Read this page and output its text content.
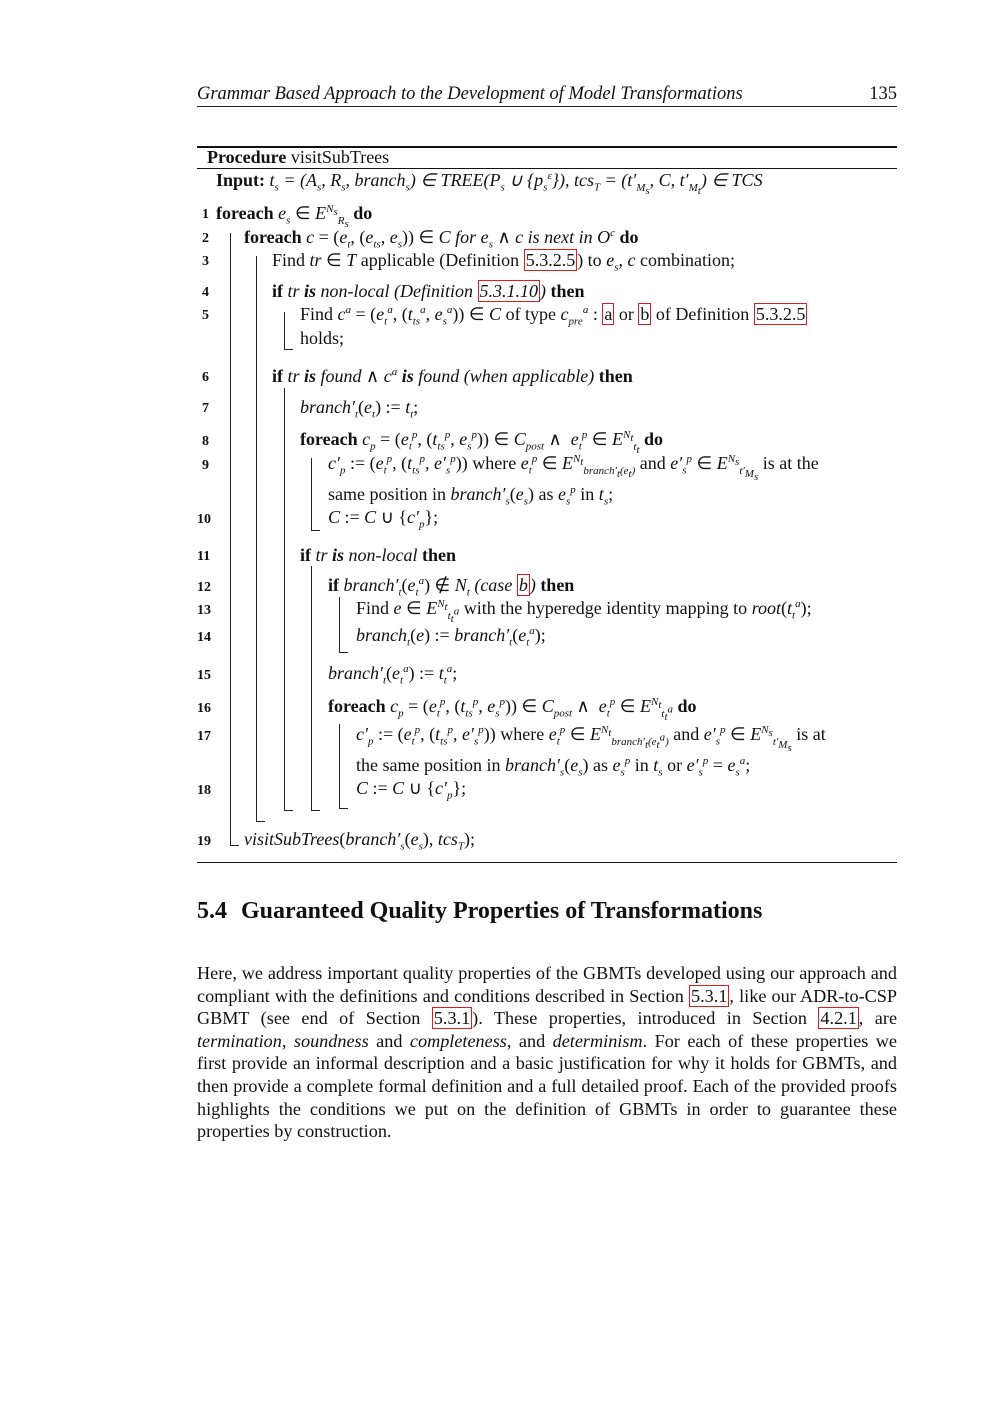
Grammar Based Approach to the Development of Model Transformations	135
Procedure visitSubTrees
Input: $t_s = (A_s$, $R_s$, branch$_s$) ∈ $TREE(P_s$ ∪ $\{p_s^\varepsilon\}$), $tcs_T = (t'_{M_s}$, C, $t'_{M_t}$) ∈ TCS
1 foreach $e_s$ ∈ $E^{N_s}_{R_s}$ do
2 foreach $c = (e_t$, ($e_{ts}$, $e_s$)) ∈ C for $e_s$ ∧ c is next in $O^c$ do
3	Find tr ∈ T applicable (Definition 5.3.2.5 ) to $e_s$, c combination;
4	if tr is non-local (Definition 5.3.1.10 ) then
5	Find $c^a = (e_t^a$, ($t_{ts}^a$, $e_s^a$)) ∈ C of type $c_{pre}^a$ : a or b of Definition 5.3.2.5
holds;
6	if tr is found ∧ $c^a$ is found (when applicable) then
7	$branch'_t(e_t)$ := $t_t$;
8	foreach $c_p = (e_t^p$, ($t_{ts}^p$, $e_s^p$)) ∈ $C_{post}$ ∧  $e_t^p$ ∈ $E^{N_t}_{t_t}$ do
9	$c'_p$ := ($e_t^p$, ($t_{ts}^p$, $e'_s^p$)) where $e_t^p$ ∈ $E^{N_t}_{branch'_t(e_t)}$ and $e'_s^p$ ∈ $E^{N_s}_{t'_{M_s}}$ is at the
same position in $branch'_s(e_s)$ as $e_s^p$ in $t_s$;
10	C := C ∪ $\{c'_p\}$;
11	if tr is non-local then
12	if $branch'_t(e_t^a)$ ∉ $N_t$ (case b ) then
13	Find e ∈ $E^{N_t}_{t_t^a}$ with the hyperedge identity mapping to $root(t_t^a)$;
14	branch$_t$(e) := $branch'_t(e_t^a)$;
15	$branch'_t(e_t^a)$ := $t_t^a$;
16	foreach $c_p = (e_t^p$, ($t_{ts}^p$, $e_s^p$)) ∈ $C_{post}$ ∧  $e_t^p$ ∈ $E^{N_t}_{t_t^a}$ do
17	$c'_p$ := ($e_t^p$, ($t_{ts}^p$, $e'_s^p$)) where $e_t^p$ ∈ $E^{N_t}_{branch'_t(e_t^a)}$ and $e'_s^p$ ∈ $E^{N_s}_{t'_{M_s}}$ is at
the same position in $branch'_s(e_s)$ as $e_s^p$ in $t_s$ or $e'_s^p = e_s^a$;
18	C := C ∪ $\{c'_p\}$;
19 $visitSubTrees(branch'_s(e_s)$, tcs$_T$);
5.4 Guaranteed Quality Properties of Transformations
Here, we address important quality properties of the GBMTs developed using our approach and compliant with the definitions and conditions described in Section 5.3.1 , like our ADR-to-CSP GBMT (see end of Section 5.3.1 ). These properties, introduced in Section 4.2.1 , are termination, soundness and completeness, and determinism. For each of these properties we first provide an informal description and a basic justification for why it holds for GBMTs, and then provide a complete formal definition and a full detailed proof. Each of the provided proofs highlights the conditions we put on the definition of GBMTs in order to guarantee these properties by construction.
